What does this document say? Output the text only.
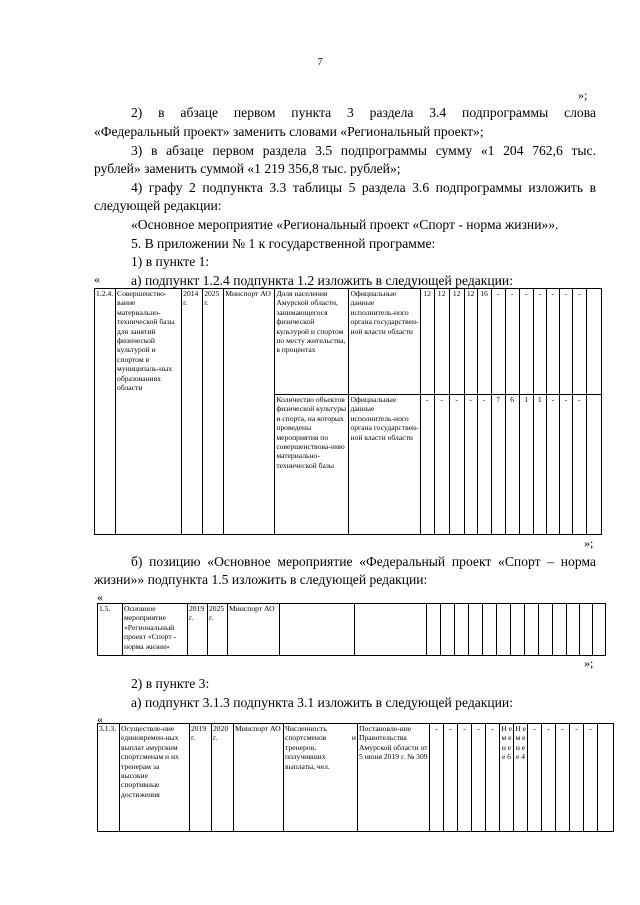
7
»;
2) в абзаце первом пункта 3 раздела 3.4 подпрограммы слова
«Федеральный проект» заменить словами «Региональный проект»;
3) в абзаце первом раздела 3.5 подпрограммы сумму «1 204 762,6 тыс.
рублей» заменить суммой «1 219 356,8 тыс. рублей»;
4) графу 2 подпункта 3.3 таблицы 5 раздела 3.6 подпрограммы изложить в
следующей редакции:
«Основное мероприятие «Региональный проект «Спорт - норма жизни»».
5. В приложении № 1 к государственной программе:
1) в пункте 1:
а) подпункт 1.2.4 подпункта 1.2 изложить в следующей редакции:
«
1.2.4.	Совершенство-вание материально-технической базы для занятий физической культурой и спортом в муниципаль-ных образованиях области	2014 г.	2025 г.	Минспорт АО	Доля населения Амурской области, занимающегося физической культурой и спортом по месту жительства, в процентах	Официальные данные исполнитель-ного органа государствен-ной власти области	12	12	12	12	16	-	-	-	-	-	-	-	
					Количество объектов физической культуры и спорта, на которых проведены мероприятия по совершенствова-нию материально-технической базы	Официальные данные исполнитель-ного органа государствен-ной власти области	-	-	-	-	-	7	6	1	1	-	-	-	
»;
б) позицию «Основное мероприятие «Федеральный проект «Спорт – норма
жизни»» подпункта 1.5 изложить в следующей редакции:
«
1.5.	Основное мероприятие «Региональный проект «Спорт - норма жизни»	2019 г.	2025 г.	Минспорт АО															
»;
2) в пункте 3:
а) подпункт 3.1.3 подпункта 3.1 изложить в следующей редакции:
«
3.1.3.	Осуществле-ние единовремен-ных выплат амурским спортсменам и их тренерам за высокие спортивные достижения	2019 г.	2020 г.	Минспорт АО	Численность спортсменов и тренеров, получивших выплаты, чел.	Постановле-ние Правительства Амурской области от 5 июня 2019 г. № 309	-	-	-	-	-	Н е м е н е е 6	Н е м е н е е 4	-	-	-	-	-	
